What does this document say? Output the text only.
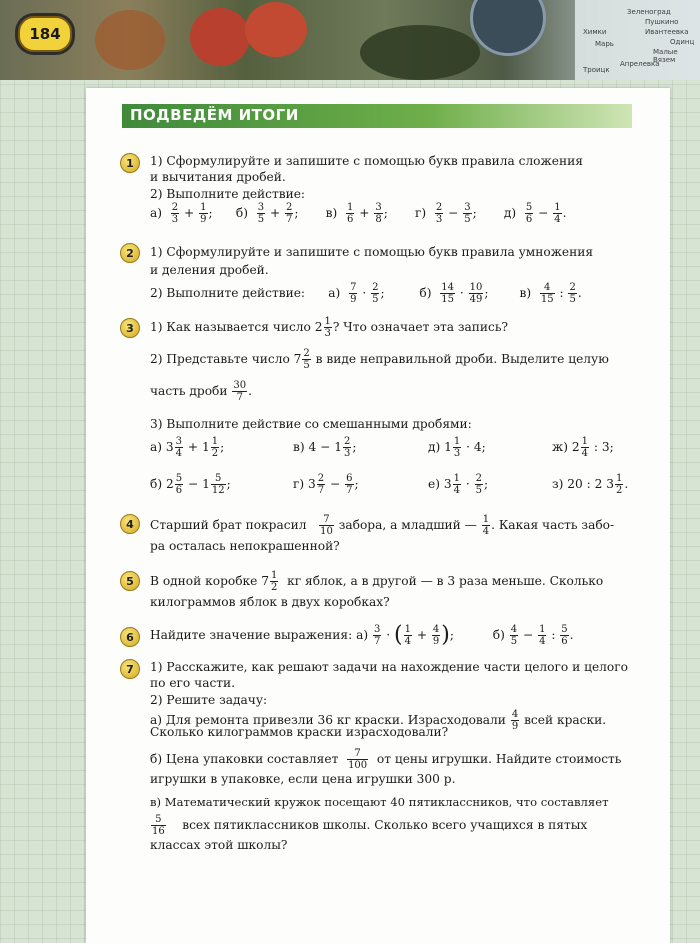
Зеленоград
Пушкино
Химки	Ивантеевка
Одинц
Малые Вязем
Марь
Апрелевка
Троицк
184
ПОДВЕДЁМ ИТОГИ
1	1) Сформулируйте и запишите с помощью букв правила сложения
и вычитания дробей.
2) Выполните действие:
$а) \frac{2}{3} + \frac{1}{9}$ ;      $б) \frac{3}{5} + \frac{2}{7}$ ;       $в) \frac{1}{6} + \frac{3}{8}$ ;       $г) \frac{2}{3} - \frac{3}{5}$ ;       $д) \frac{5}{6} - \frac{1}{4}$ .
2	1) Сформулируйте и запишите с помощью букв правила умножения
и деления дробей.
2) Выполните действие: $а) \frac{7}{9} \cdot \frac{2}{5}$ ;         $б) \frac{14}{15} \cdot \frac{10}{49}$ ;        $в) \frac{4}{15}$ : $\frac{2}{5}$ .
3	1) Как называется число $2 \frac{1}{3}$ ? Что означает эта запись?
2) Представьте число $7 \frac{2}{5}$ в виде неправильной дроби. Выделите целую
часть дроби $\frac{30}{7}$ .
3) Выполните действие со смешанными дробями:
а) $3 \frac{3}{4} + 1 \frac{1}{2}$ ;	в) $4 - 1 \frac{2}{3}$ ;	д) $1 \frac{1}{3} \cdot 4$;	ж) $2 \frac{1}{4}$ : 3;
б) $2 \frac{5}{6} - 1 \frac{5}{12}$ ;	г) $3 \frac{2}{7} - \frac{6}{7}$ ;	е) $3 \frac{1}{4} \cdot \frac{2}{5}$ ;	з) 20 : 2 $3 \frac{1}{2}$ .
4	Старший брат покрасил $\frac{7}{10}$ забора, а младший — $\frac{1}{4}$ . Какая часть забо-
ра осталась непокрашенной?
5	В одной коробке $7 \frac{1}{2}$ кг яблок, а в другой — в 3 раза меньше. Сколько
килограммов яблок в двух коробках?
6	Найдите значение выражения: $а) \frac{3}{7}$ · ( $\frac{1}{4} + \frac{4}{9}$ );          $б) \frac{4}{5} - \frac{1}{4}$ : $\frac{5}{6}$ .
7	1) Расскажите, как решают задачи на нахождение части целого и целого
по его части.
2) Решите задачу:
а) Для ремонта привезли 36 кг краски. Израсходовали $\frac{4}{9}$ всей краски.
Сколько килограммов краски израсходовали?
б) Цена упаковки составляет $\frac{7}{100}$ от цены игрушки. Найдите стоимость
игрушки в упаковке, если цена игрушки 300 р.
в) Математический кружок посещают 40 пятиклассников, что составляет
$\frac{5}{16}$ всех пятиклассников школы. Сколько всего учащихся в пятых
классах этой школы?
